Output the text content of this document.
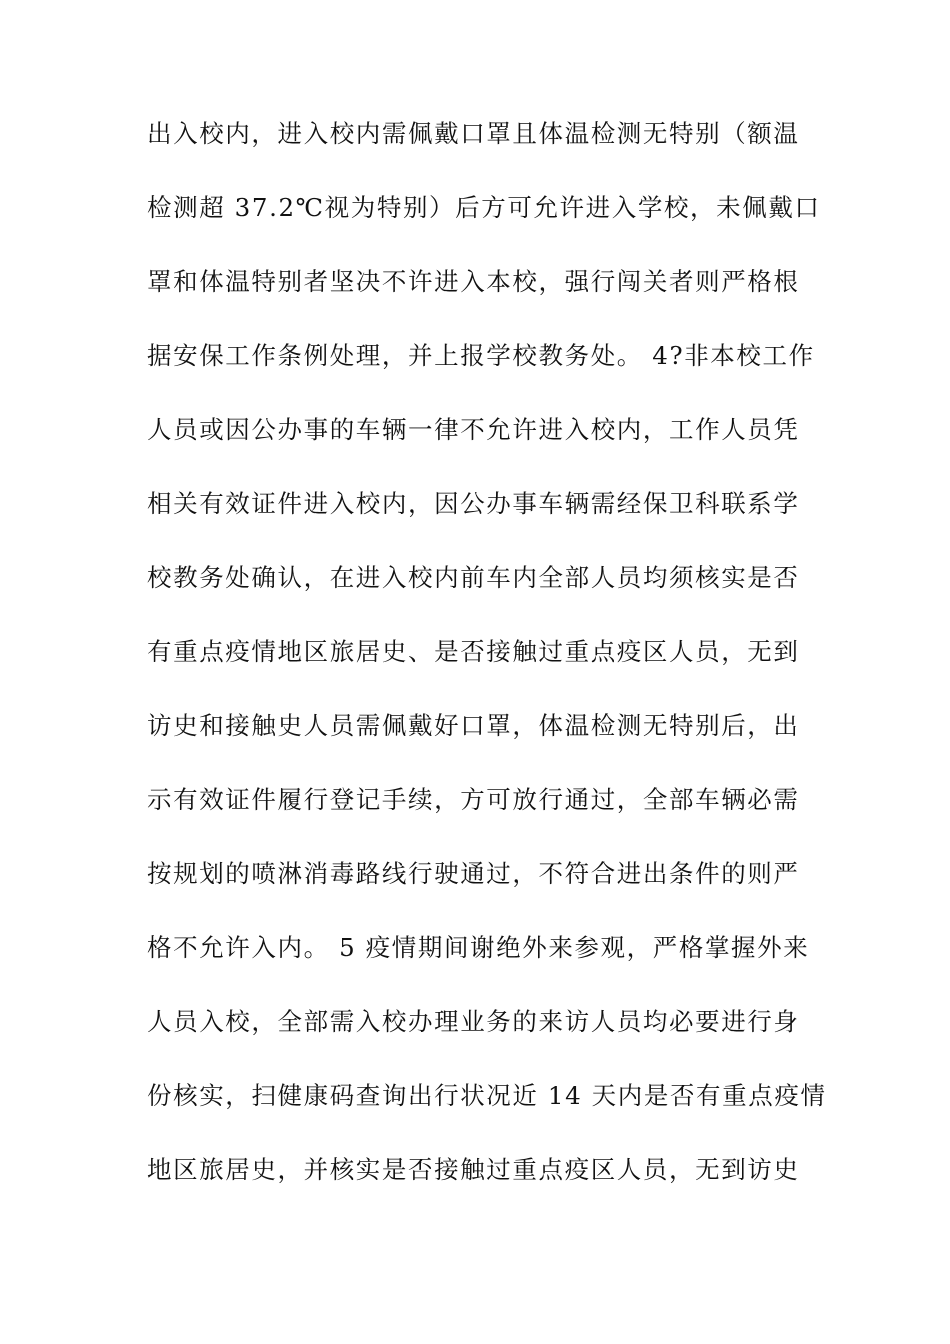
出入校内，进入校内需佩戴口罩且体温检测无特别（额温
检测超 37.2℃视为特别）后方可允许进入学校，未佩戴口
罩和体温特别者坚决不许进入本校，强行闯关者则严格根
据安保工作条例处理，并上报学校教务处。 4?非本校工作
人员或因公办事的车辆一律不允许进入校内，工作人员凭
相关有效证件进入校内，因公办事车辆需经保卫科联系学
校教务处确认，在进入校内前车内全部人员均须核实是否
有重点疫情地区旅居史、是否接触过重点疫区人员，无到
访史和接触史人员需佩戴好口罩，体温检测无特别后，出
示有效证件履行登记手续，方可放行通过，全部车辆必需
按规划的喷淋消毒路线行驶通过，不符合进出条件的则严
格不允许入内。 5 疫情期间谢绝外来参观，严格掌握外来
人员入校，全部需入校办理业务的来访人员均必要进行身
份核实，扫健康码查询出行状况近 14 天内是否有重点疫情
地区旅居史，并核实是否接触过重点疫区人员，无到访史
